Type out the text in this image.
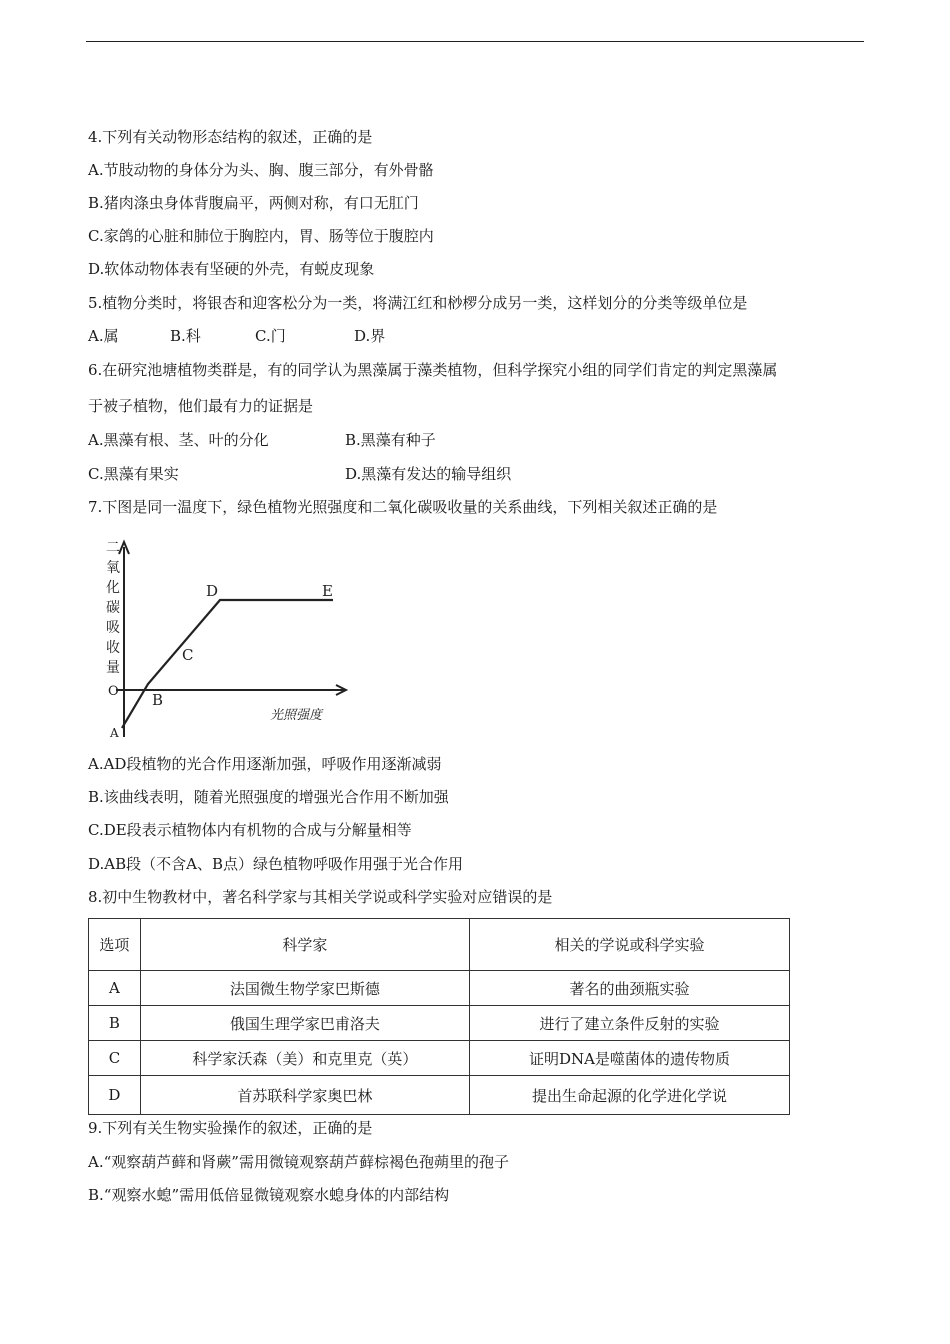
4.下列有关动物形态结构的叙述，正确的是
A.节肢动物的身体分为头、胸、腹三部分，有外骨骼
B.猪肉涤虫身体背腹扁平，两侧对称，有口无肛门
C.家鸽的心脏和肺位于胸腔内，胃、肠等位于腹腔内
D.软体动物体表有坚硬的外壳，有蜕皮现象
5.植物分类时，将银杏和迎客松分为一类，将满江红和桫椤分成另一类，这样划分的分类等级单位是
A.属	B.科	C.门	D.界
6.在研究池塘植物类群是，有的同学认为黑藻属于藻类植物，但科学探究小组的同学们肯定的判定黑藻属
于被子植物，他们最有力的证据是
A.黑藻有根、茎、叶的分化	B.黑藻有种子
C.黑藻有果实	D.黑藻有发达的输导组织
7.下图是同一温度下，绿色植物光照强度和二氧化碳吸收量的关系曲线，下列相关叙述正确的是
二
氧
化
碳
吸
收
量
光照强度
O
A
B
C
D	E
A.AD段植物的光合作用逐渐加强，呼吸作用逐渐减弱
B.该曲线表明，随着光照强度的增强光合作用不断加强
C.DE段表示植物体内有机物的合成与分解量相等
D.AB段（不含A、B点）绿色植物呼吸作用强于光合作用
8.初中生物教材中，著名科学家与其相关学说或科学实验对应错误的是
选项	科学家	相关的学说或科学实验
A	法国微生物学家巴斯德	著名的曲颈瓶实验
B	俄国生理学家巴甫洛夫	进行了建立条件反射的实验
C	科学家沃森（美）和克里克（英）	证明DNA是噬菌体的遗传物质
D	首苏联科学家奥巴林	提出生命起源的化学进化学说
9.下列有关生物实验操作的叙述，正确的是
A.“观察葫芦藓和肾蕨”需用微镜观察葫芦藓棕褐色孢蒴里的孢子
B.“观察水螅”需用低倍显微镜观察水螅身体的内部结构
